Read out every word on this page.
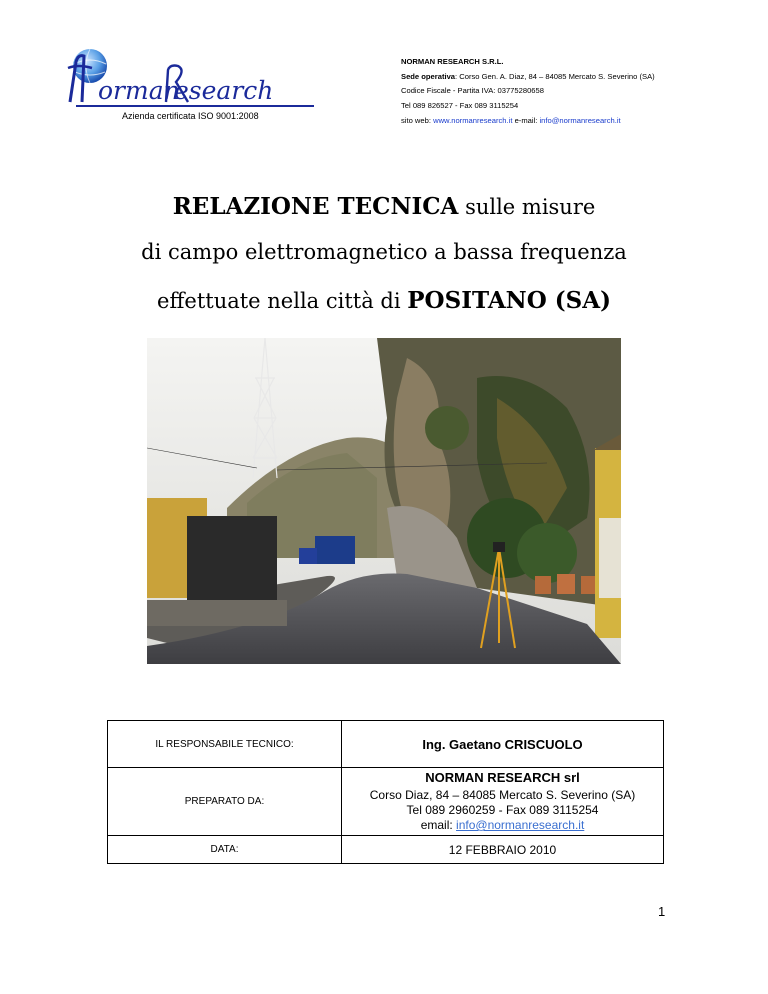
orman
esearch
Azienda certificata ISO 9001:2008
NORMAN RESEARCH S.R.L.
Sede operativa: Corso Gen. A. Diaz, 84 – 84085 Mercato S. Severino (SA)
Codice Fiscale - Partita IVA: 03775280658
Tel 089 826527 - Fax 089 3115254
sito web: www.normanresearch.it e-mail: info@normanresearch.it
RELAZIONE TECNICA sulle misure
di campo elettromagnetico a bassa frequenza
effettuate nella città di POSITANO (SA)
IL RESPONSABILE TECNICO:	Ing. Gaetano CRISCUOLO
PREPARATO DA:	NORMAN RESEARCH srl
Corso Diaz, 84 – 84085 Mercato S. Severino (SA)
Tel 089 2960259 - Fax 089 3115254
email: info@normanresearch.it

DATA:	12 FEBBRAIO 2010
1
